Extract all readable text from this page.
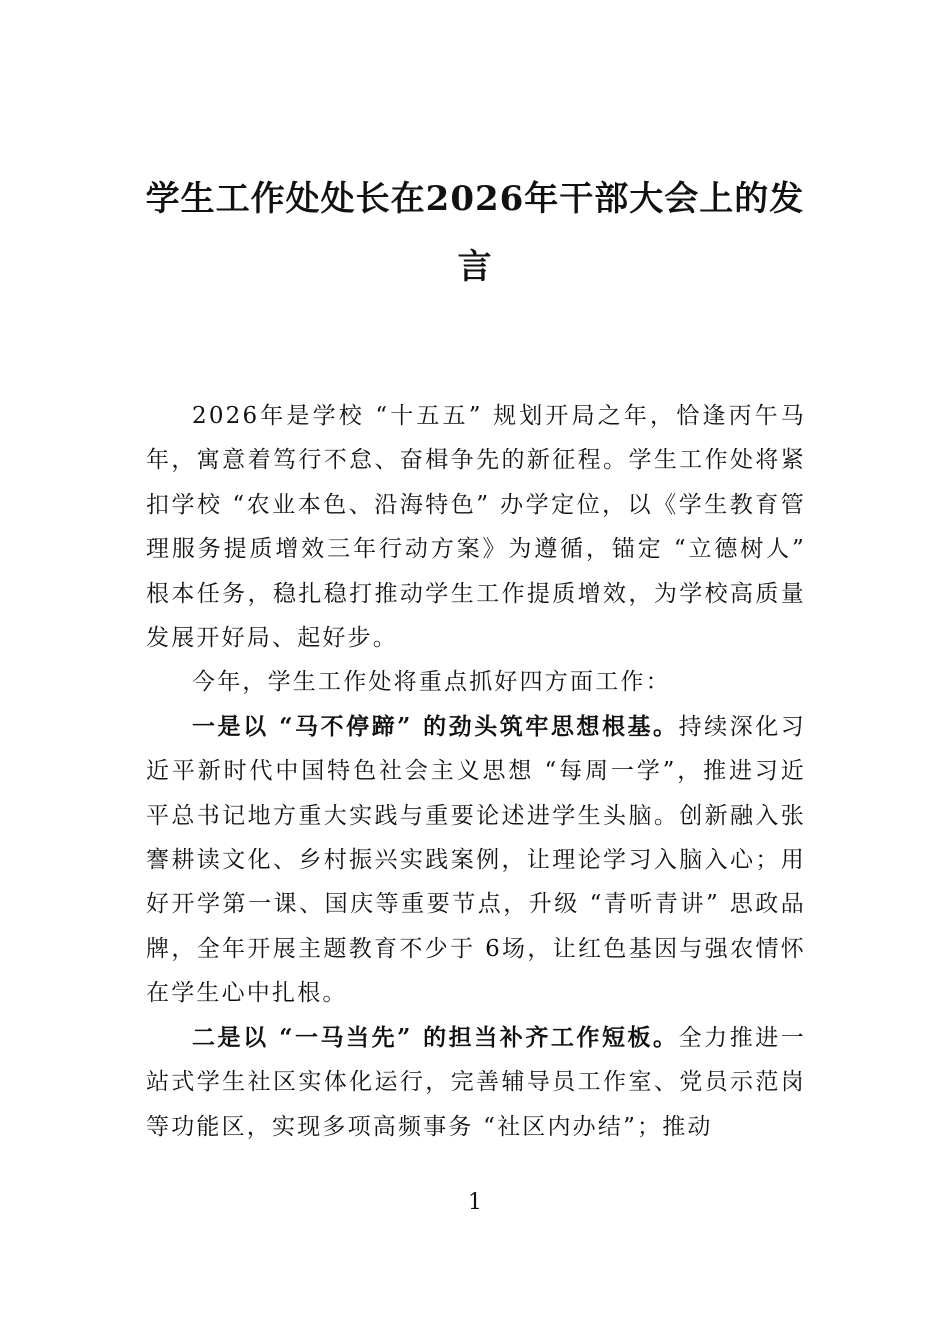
学生工作处处长在2026年干部大会上的发言

2026年是学校 “十五五” 规划开局之年，恰逢丙午马年，寓意着笃行不怠、奋楫争先的新征程。学生工作处将紧扣学校 “农业本色、沿海特色” 办学定位，以《学生教育管理服务提质增效三年行动方案》为遵循，锚定 “立德树人” 根本任务，稳扎稳打推动学生工作提质增效，为学校高质量发展开好局、起好步。

今年，学生工作处将重点抓好四方面工作：

一是以 “马不停蹄” 的劲头筑牢思想根基。持续深化习近平新时代中国特色社会主义思想 “每周一学”，推进习近平总书记地方重大实践与重要论述进学生头脑。创新融入张謇耕读文化、乡村振兴实践案例，让理论学习入脑入心；用好开学第一课、国庆等重要节点，升级 “青听青讲” 思政品牌，全年开展主题教育不少于 6场，让红色基因与强农情怀在学生心中扎根。

二是以 “一马当先” 的担当补齐工作短板。全力推进一站式学生社区实体化运行，完善辅导员工作室、党员示范岗等功能区，实现多项高频事务 “社区内办结”；推动

1
